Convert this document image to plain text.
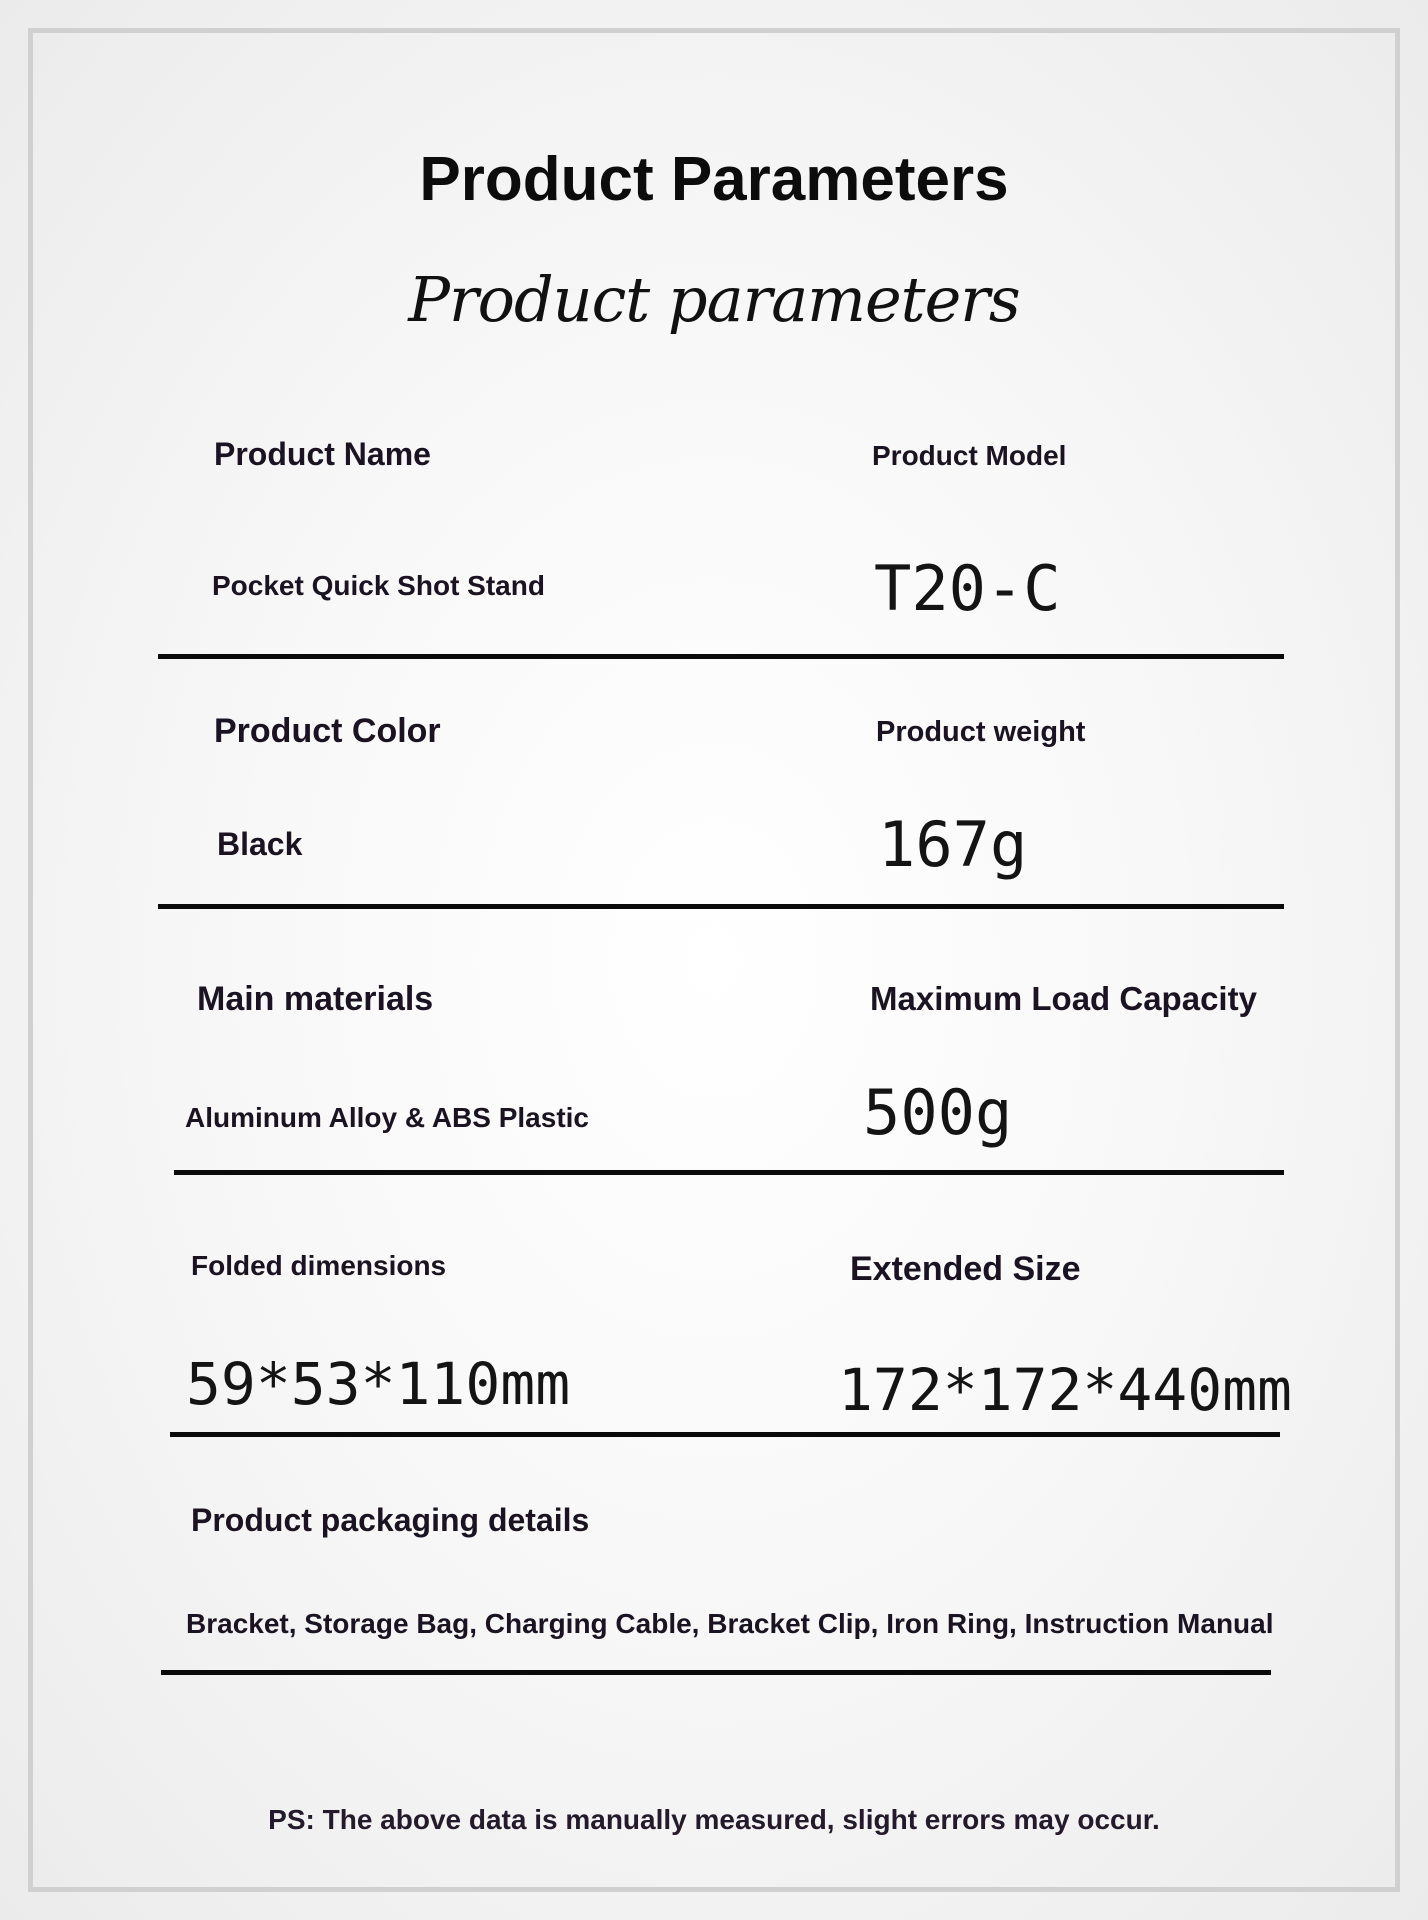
Product Parameters
Product parameters
Product Name	Product Model
Pocket Quick Shot Stand	T20-C
Product Color	Product weight
Black	167g
Main materials	Maximum Load Capacity
Aluminum Alloy & ABS Plastic	500g
Folded dimensions	Extended Size
59*53*110mm	172*172*440mm
Product packaging details
Bracket, Storage Bag, Charging Cable, Bracket Clip, Iron Ring, Instruction Manual
PS: The above data is manually measured, slight errors may occur.
